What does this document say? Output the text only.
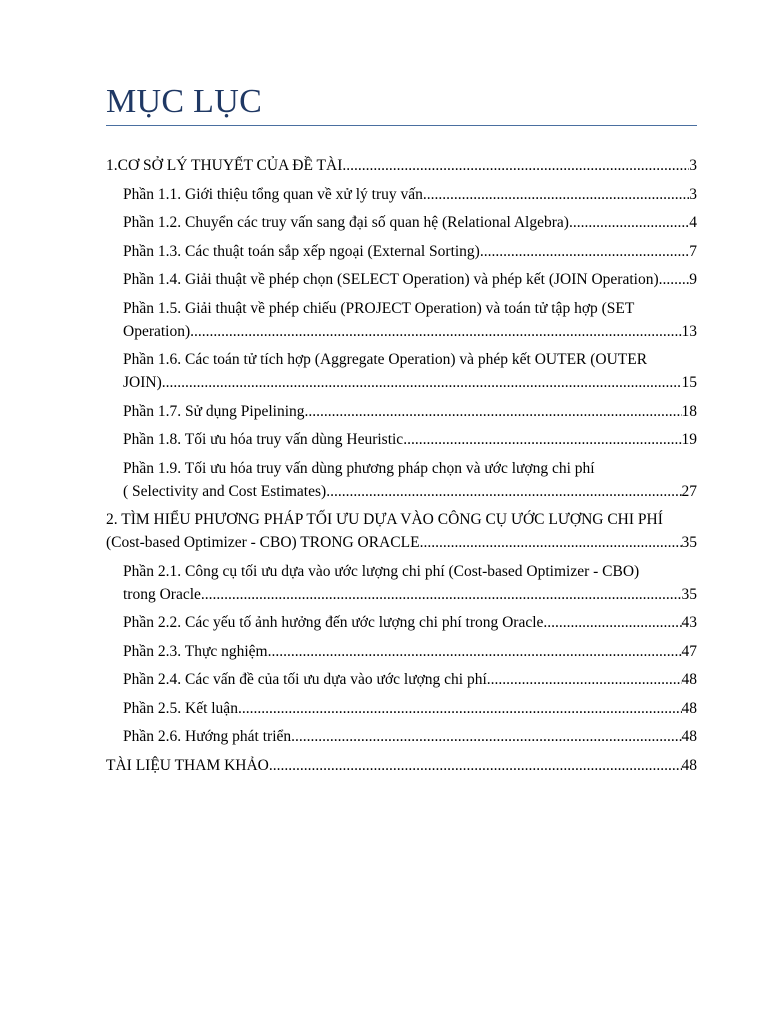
MỤC LỤC
1.CƠ SỞ LÝ THUYẾT CỦA ĐỀ TÀI .....	3
Phần 1.1. Giới thiệu tổng quan về xử lý truy vấn .....	3
Phần 1.2. Chuyển các truy vấn sang đại số quan hệ (Relational Algebra) .....	4
Phần 1.3. Các thuật toán sắp xếp ngoại (External Sorting) .....	7
Phần 1.4. Giải thuật về phép chọn (SELECT Operation) và phép kết (JOIN Operation) .....	9
Phần 1.5. Giải thuật về phép chiếu (PROJECT Operation) và toán tử tập hợp (SET
Operation) .....	13
Phần 1.6. Các toán tử tích hợp (Aggregate Operation) và phép kết OUTER (OUTER
JOIN) .....	15
Phần 1.7. Sử dụng Pipelining .....	18
Phần 1.8. Tối ưu hóa truy vấn dùng Heuristic .....	19
Phần 1.9. Tối ưu hóa truy vấn dùng phương pháp chọn và ước lượng chi phí
( Selectivity and Cost Estimates) .....	27
2. TÌM HIỂU PHƯƠNG PHÁP TỐI ƯU DỰA VÀO CÔNG CỤ ƯỚC LƯỢNG CHI PHÍ
(Cost-based Optimizer - CBO) TRONG ORACLE .....	35
Phần 2.1. Công cụ tối ưu dựa vào ước lượng chi phí (Cost-based Optimizer - CBO)
trong Oracle .....	35
Phần 2.2. Các yếu tố ảnh hưởng đến ước lượng chi phí trong Oracle .....	43
Phần 2.3. Thực nghiệm .....	47
Phần 2.4. Các vấn đề của tối ưu dựa vào ước lượng chi phí .....	48
Phần 2.5. Kết luận .....	48
Phần 2.6. Hướng phát triển .....	48
TÀI LIỆU THAM KHẢO .....	48
